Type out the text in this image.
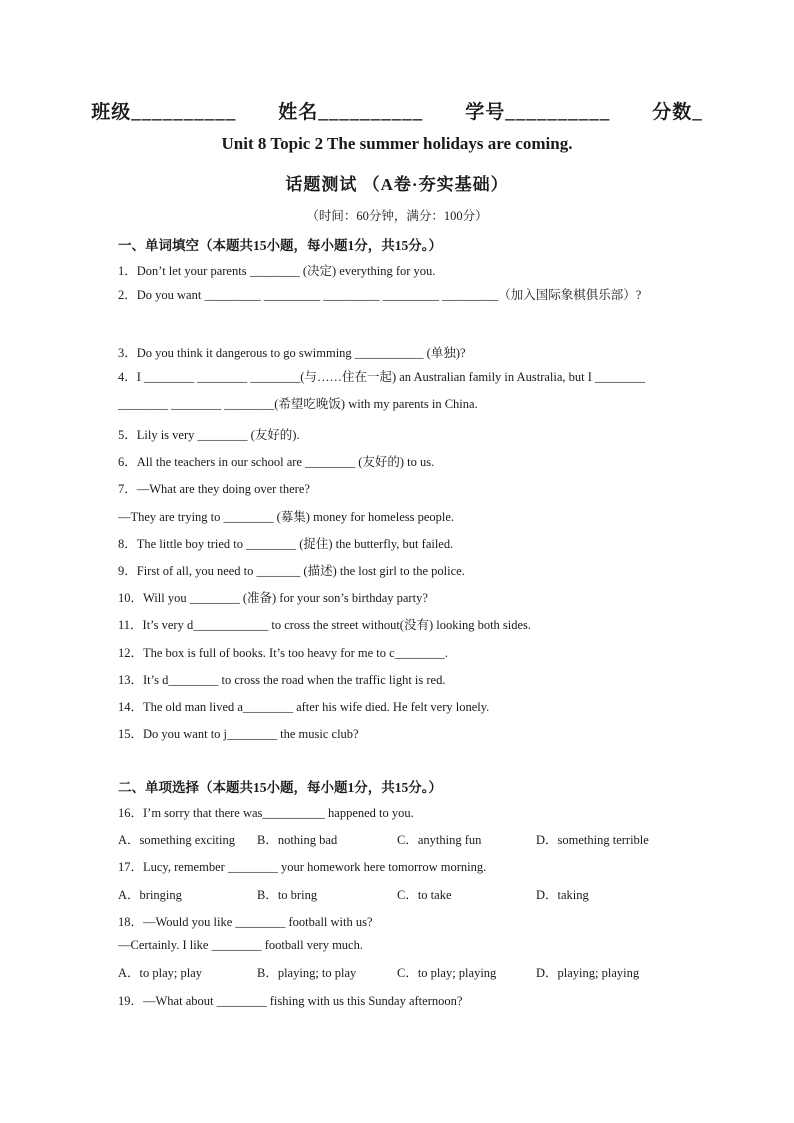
班级__________ 姓名__________ 学号__________ 分数_
Unit 8 Topic 2 The summer holidays are coming.
话题测试 （A卷·夯实基础）
（时间：60分钟，满分：100分）
一、单词填空（本题共15小题，每小题1分，共15分。）
1．Don’t let your parents ________ (决定) everything for you.
2．Do you want _________ _________ _________ _________ _________（加入国际象棋俱乐部）?
3．Do you think it dangerous to go swimming ___________ (单独)?
4．I ________ ________ ________(与……住在一起) an Australian family in Australia, but I ________ ________ ________ ________(希望吃晚饭) with my parents in China.
5．Lily is very ________ (友好的).
6．All the teachers in our school are ________ (友好的) to us.
7．—What are they doing over there?
—They are trying to ________ (募集) money for homeless people.
8．The little boy tried to ________ (捉住) the butterfly, but failed.
9．First of all, you need to _______ (描述) the lost girl to the police.
10．Will you ________ (准备) for your son’s birthday party?
11．It’s very d____________ to cross the street without(没有) looking both sides.
12．The box is full of books. It’s too heavy for me to c________.
13．It’s d________ to cross the road when the traffic light is red.
14．The old man lived a________ after his wife died. He felt very lonely.
15．Do you want to j________ the music club?
二、单项选择（本题共15小题，每小题1分，共15分。）
16．I’m sorry that there was__________ happened to you.
A．something exciting B．nothing bad	C．anything fun	D．something terrible
17．Lucy, remember ________ your homework here tomorrow morning.
A．bringing	B．to bring	C．to take	D．taking
18．—Would you like ________ football with us?
—Certainly. I like ________ football very much.
A．to play; play	B．playing; to play	C．to play; playing	D．playing; playing
19．—What about ________ fishing with us this Sunday afternoon?
